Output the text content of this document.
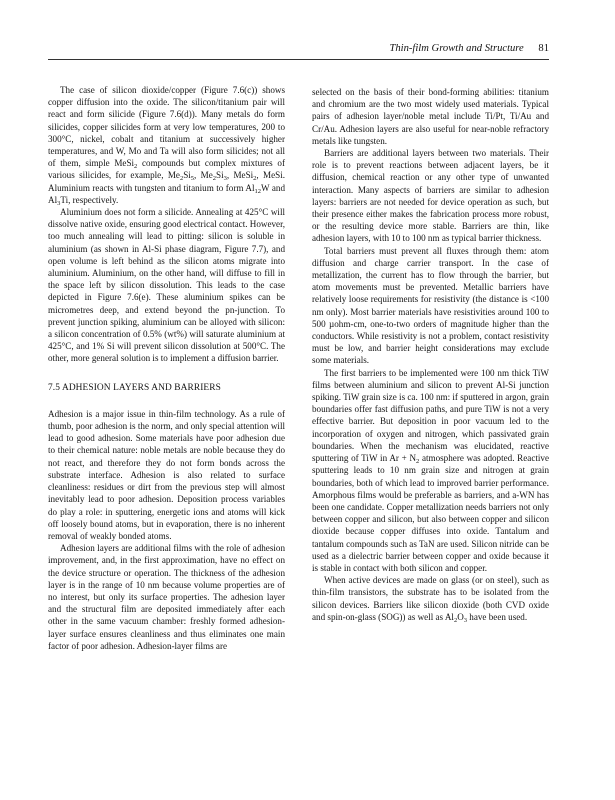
Thin-film Growth and Structure 81

The case of silicon dioxide/copper (Figure 7.6(c)) shows copper diffusion into the oxide. The silicon/titanium pair will react and form silicide (Figure 7.6(d)). Many metals do form silicides, copper silicides form at very low temperatures, 200 to 300°C, nickel, cobalt and titanium at successively higher temperatures, and W, Mo and Ta will also form silicides; not all of them, simple MeSi$_2$ compounds but complex mixtures of various silicides, for example, $Me_2Si_5$, $Me_2Si_3$, MeSi$_2$, MeSi. Aluminium reacts with tungsten and titanium to form $Al_{12}W$ and $Al_3Ti$, respectively.

Aluminium does not form a silicide. Annealing at 425°C will dissolve native oxide, ensuring good electrical contact. However, too much annealing will lead to pitting: silicon is soluble in aluminium (as shown in Al-Si phase diagram, Figure 7.7), and open volume is left behind as the silicon atoms migrate into aluminium. Aluminium, on the other hand, will diffuse to fill in the space left by silicon dissolution. This leads to the case depicted in Figure 7.6(e). These aluminium spikes can be micrometres deep, and extend beyond the pn-junction. To prevent junction spiking, aluminium can be alloyed with silicon: a silicon concentration of 0.5% (wt%) will saturate aluminium at 425°C, and 1% Si will prevent silicon dissolution at 500°C. The other, more general solution is to implement a diffusion barrier.

7.5 ADHESION LAYERS AND BARRIERS

Adhesion is a major issue in thin-film technology. As a rule of thumb, poor adhesion is the norm, and only special attention will lead to good adhesion. Some materials have poor adhesion due to their chemical nature: noble metals are noble because they do not react, and therefore they do not form bonds across the substrate interface. Adhesion is also related to surface cleanliness: residues or dirt from the previous step will almost inevitably lead to poor adhesion. Deposition process variables do play a role: in sputtering, energetic ions and atoms will kick off loosely bound atoms, but in evaporation, there is no inherent removal of weakly bonded atoms.

Adhesion layers are additional films with the role of adhesion improvement, and, in the first approximation, have no effect on the device structure or operation. The thickness of the adhesion layer is in the range of 10 nm because volume properties are of no interest, but only its surface properties. The adhesion layer and the structural film are deposited immediately after each other in the same vacuum chamber: freshly formed adhesion-layer surface ensures cleanliness and thus eliminates one main factor of poor adhesion. Adhesion-layer films are

selected on the basis of their bond-forming abilities: titanium and chromium are the two most widely used materials. Typical pairs of adhesion layer/noble metal include Ti/Pt, Ti/Au and Cr/Au. Adhesion layers are also useful for near-noble refractory metals like tungsten.

Barriers are additional layers between two materials. Their role is to prevent reactions between adjacent layers, be it diffusion, chemical reaction or any other type of unwanted interaction. Many aspects of barriers are similar to adhesion layers: barriers are not needed for device operation as such, but their presence either makes the fabrication process more robust, or the resulting device more stable. Barriers are thin, like adhesion layers, with 10 to 100 nm as typical barrier thickness.

Total barriers must prevent all fluxes through them: atom diffusion and charge carrier transport. In the case of metallization, the current has to flow through the barrier, but atom movements must be prevented. Metallic barriers have relatively loose requirements for resistivity (the distance is <100 nm only). Most barrier materials have resistivities around 100 to 500 µohm-cm, one-to-two orders of magnitude higher than the conductors. While resistivity is not a problem, contact resistivity must be low, and barrier height considerations may exclude some materials.

The first barriers to be implemented were 100 nm thick TiW films between aluminium and silicon to prevent Al-Si junction spiking. TiW grain size is ca. 100 nm: if sputtered in argon, grain boundaries offer fast diffusion paths, and pure TiW is not a very effective barrier. But deposition in poor vacuum led to the incorporation of oxygen and nitrogen, which passivated grain boundaries. When the mechanism was elucidated, reactive sputtering of TiW in $Ar + N_2$ atmosphere was adopted. Reactive sputtering leads to 10 nm grain size and nitrogen at grain boundaries, both of which lead to improved barrier performance. Amorphous films would be preferable as barriers, and a-WN has been one candidate. Copper metallization needs barriers not only between copper and silicon, but also between copper and silicon dioxide because copper diffuses into oxide. Tantalum and tantalum compounds such as TaN are used. Silicon nitride can be used as a dielectric barrier between copper and oxide because it is stable in contact with both silicon and copper.

When active devices are made on glass (or on steel), such as thin-film transistors, the substrate has to be isolated from the silicon devices. Barriers like silicon dioxide (both CVD oxide and spin-on-glass (SOG)) as well as $Al_2O_3$ have been used.
